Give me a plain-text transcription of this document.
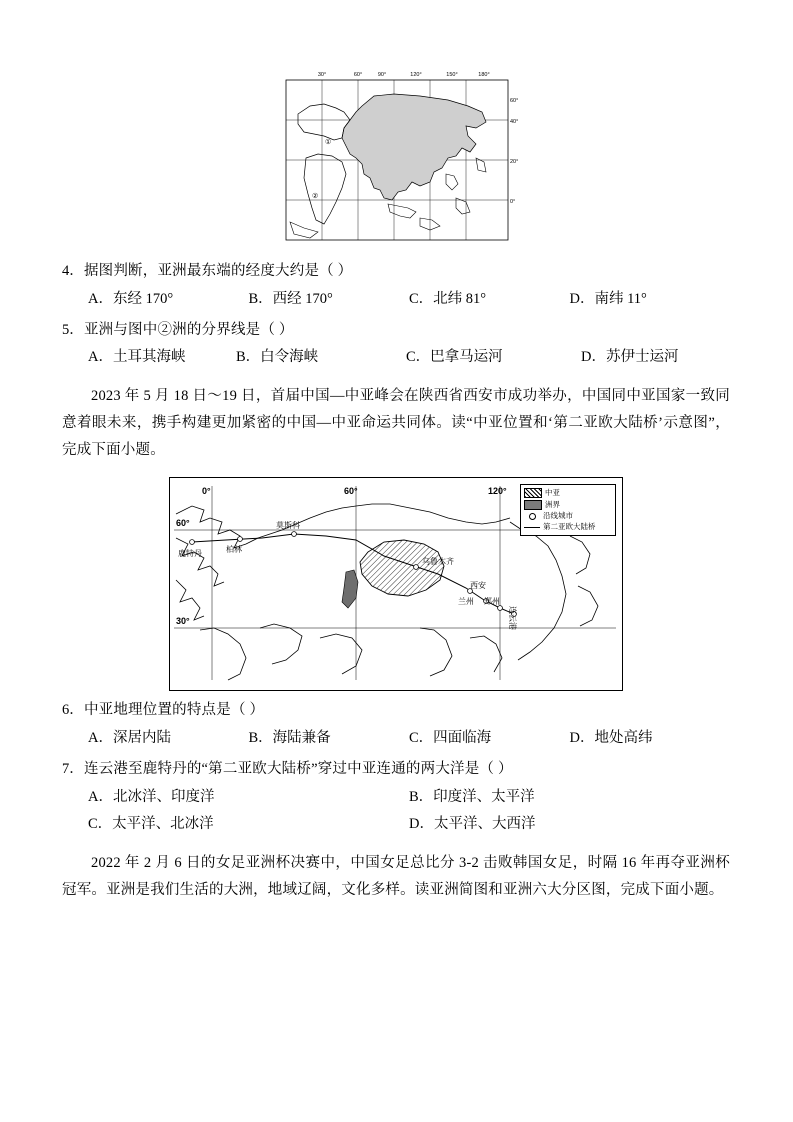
30°	60°	90°	120°	150°	180°
60°
40°
20°
0°
①
②
4．据图判断，亚洲最东端的经度大约是（ ）
A．东经 170°	B．西经 170°	C．北纬 81°	D．南纬 11°
5．亚洲与图中②洲的分界线是（ ）
A．土耳其海峡	B．白令海峡	C．巴拿马运河	D．苏伊士运河
2023 年 5 月 18 日～19 日，首届中国—中亚峰会在陕西省西安市成功举办，中国同中亚国家一致同意着眼未来，携手构建更加紧密的中国—中亚命运共同体。读“中亚位置和‘第二亚欧大陆桥’示意图”，完成下面小题。
鹿特丹	柏林
莫斯科
乌鲁木齐
兰州 郑州
西安
连云港
0°	60°	120°
60°
30°
中亚
洲界
沿线城市
第二亚欧大陆桥
6．中亚地理位置的特点是（ ）
A．深居内陆	B．海陆兼备	C．四面临海	D．地处高纬
7．连云港至鹿特丹的“第二亚欧大陆桥”穿过中亚连通的两大洋是（ ）
A．北冰洋、印度洋	B．印度洋、太平洋
C．太平洋、北冰洋	D．太平洋、大西洋
2022 年 2 月 6 日的女足亚洲杯决赛中，中国女足总比分 3-2 击败韩国女足，时隔 16 年再夺亚洲杯冠军。亚洲是我们生活的大洲，地域辽阔，文化多样。读亚洲简图和亚洲六大分区图，完成下面小题。
